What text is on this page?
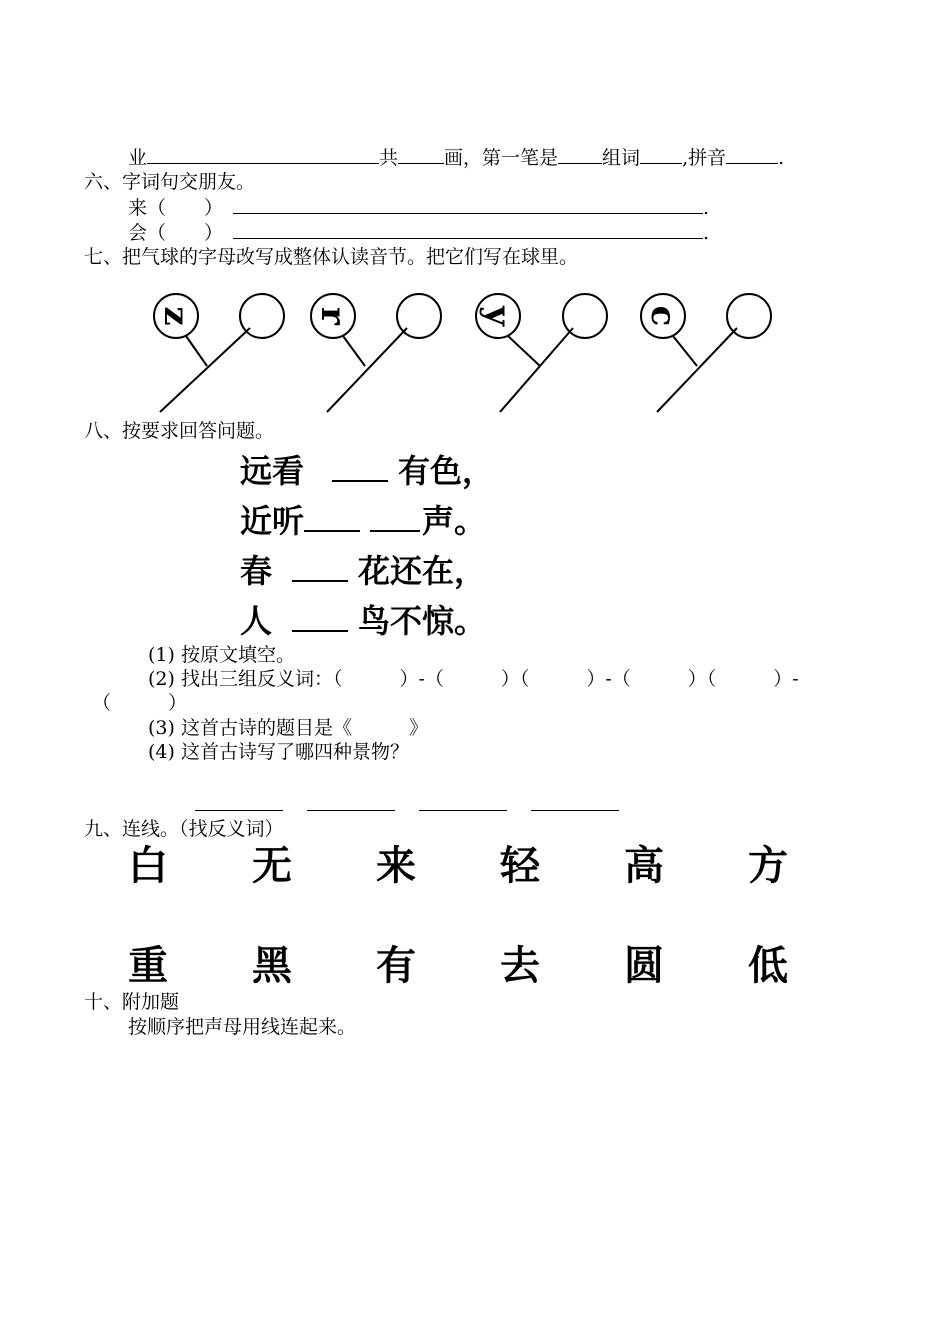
业	共 画，第一笔是 组词 ,拼音	.
六、字词句交朋友。
来（　　）	.
会（　　）	.
七、把气球的字母改写成整体认读音节。把它们写在球里。
z	r	y	c
八、按要求回答问题。
远看	有色，
近听	声。
春	花还在，
人	鸟不惊。
(1) 按原文填空。
(2) 找出三组反义词：（　　　）-（　　　）（　　　）-（　　　）（　　　）-
（　　　）
(3) 这首古诗的题目是《　　　》
(4) 这首古诗写了哪四种景物？
九、连线。（找反义词）
白 无 来 轻 高 方
重 黑 有 去 圆 低
十、附加题
按顺序把声母用线连起来。
